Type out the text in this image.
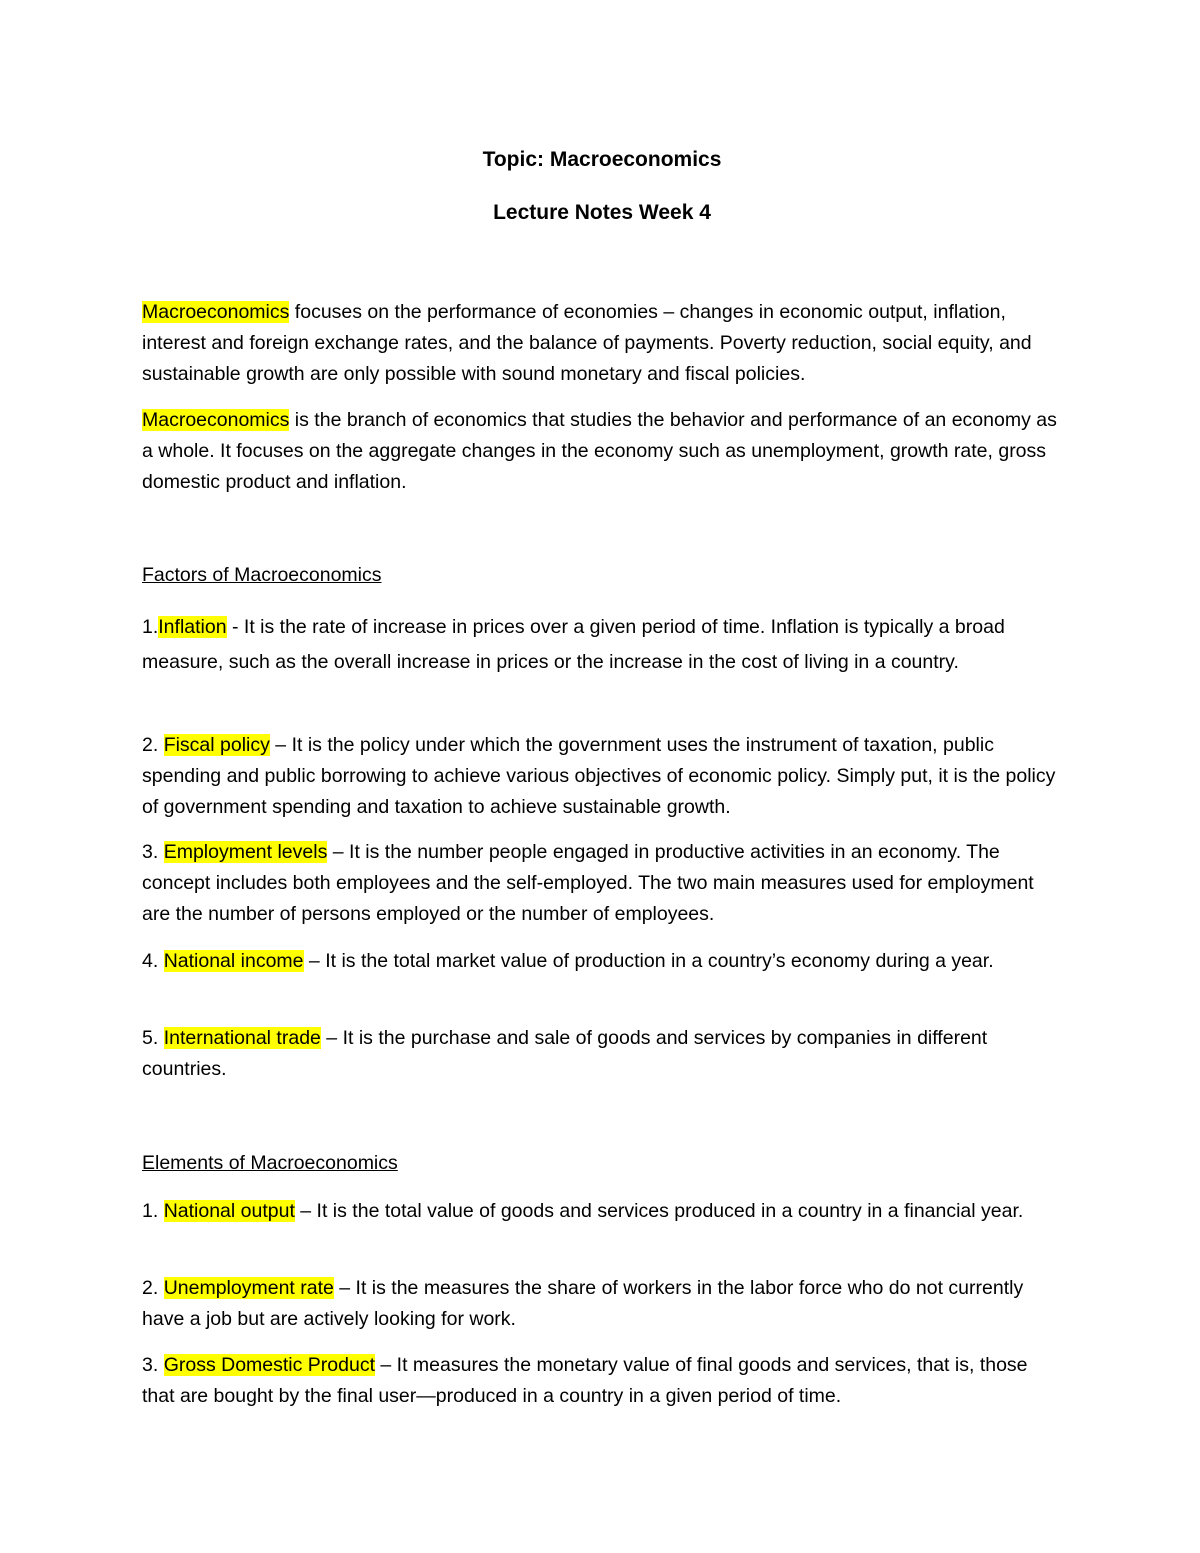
Topic: Macroeconomics
Lecture Notes Week 4

Macroeconomics focuses on the performance of economies – changes in economic output, inflation, interest and foreign exchange rates, and the balance of payments. Poverty reduction, social equity, and sustainable growth are only possible with sound monetary and fiscal policies.

Macroeconomics is the branch of economics that studies the behavior and performance of an economy as a whole. It focuses on the aggregate changes in the economy such as unemployment, growth rate, gross domestic product and inflation.

Factors of Macroeconomics

1.Inflation - It is the rate of increase in prices over a given period of time. Inflation is typically a broad measure, such as the overall increase in prices or the increase in the cost of living in a country.

2. Fiscal policy – It is the policy under which the government uses the instrument of taxation, public spending and public borrowing to achieve various objectives of economic policy. Simply put, it is the policy of government spending and taxation to achieve sustainable growth.

3. Employment levels – It is the number people engaged in productive activities in an economy. The concept includes both employees and the self-employed. The two main measures used for employment are the number of persons employed or the number of employees.

4. National income – It is the total market value of production in a country’s economy during a year.

5. International trade – It is the purchase and sale of goods and services by companies in different countries.

Elements of Macroeconomics

1. National output – It is the total value of goods and services produced in a country in a financial year.

2. Unemployment rate – It is the measures the share of workers in the labor force who do not currently have a job but are actively looking for work.

3. Gross Domestic Product – It measures the monetary value of final goods and services, that is, those that are bought by the final user—produced in a country in a given period of time.
